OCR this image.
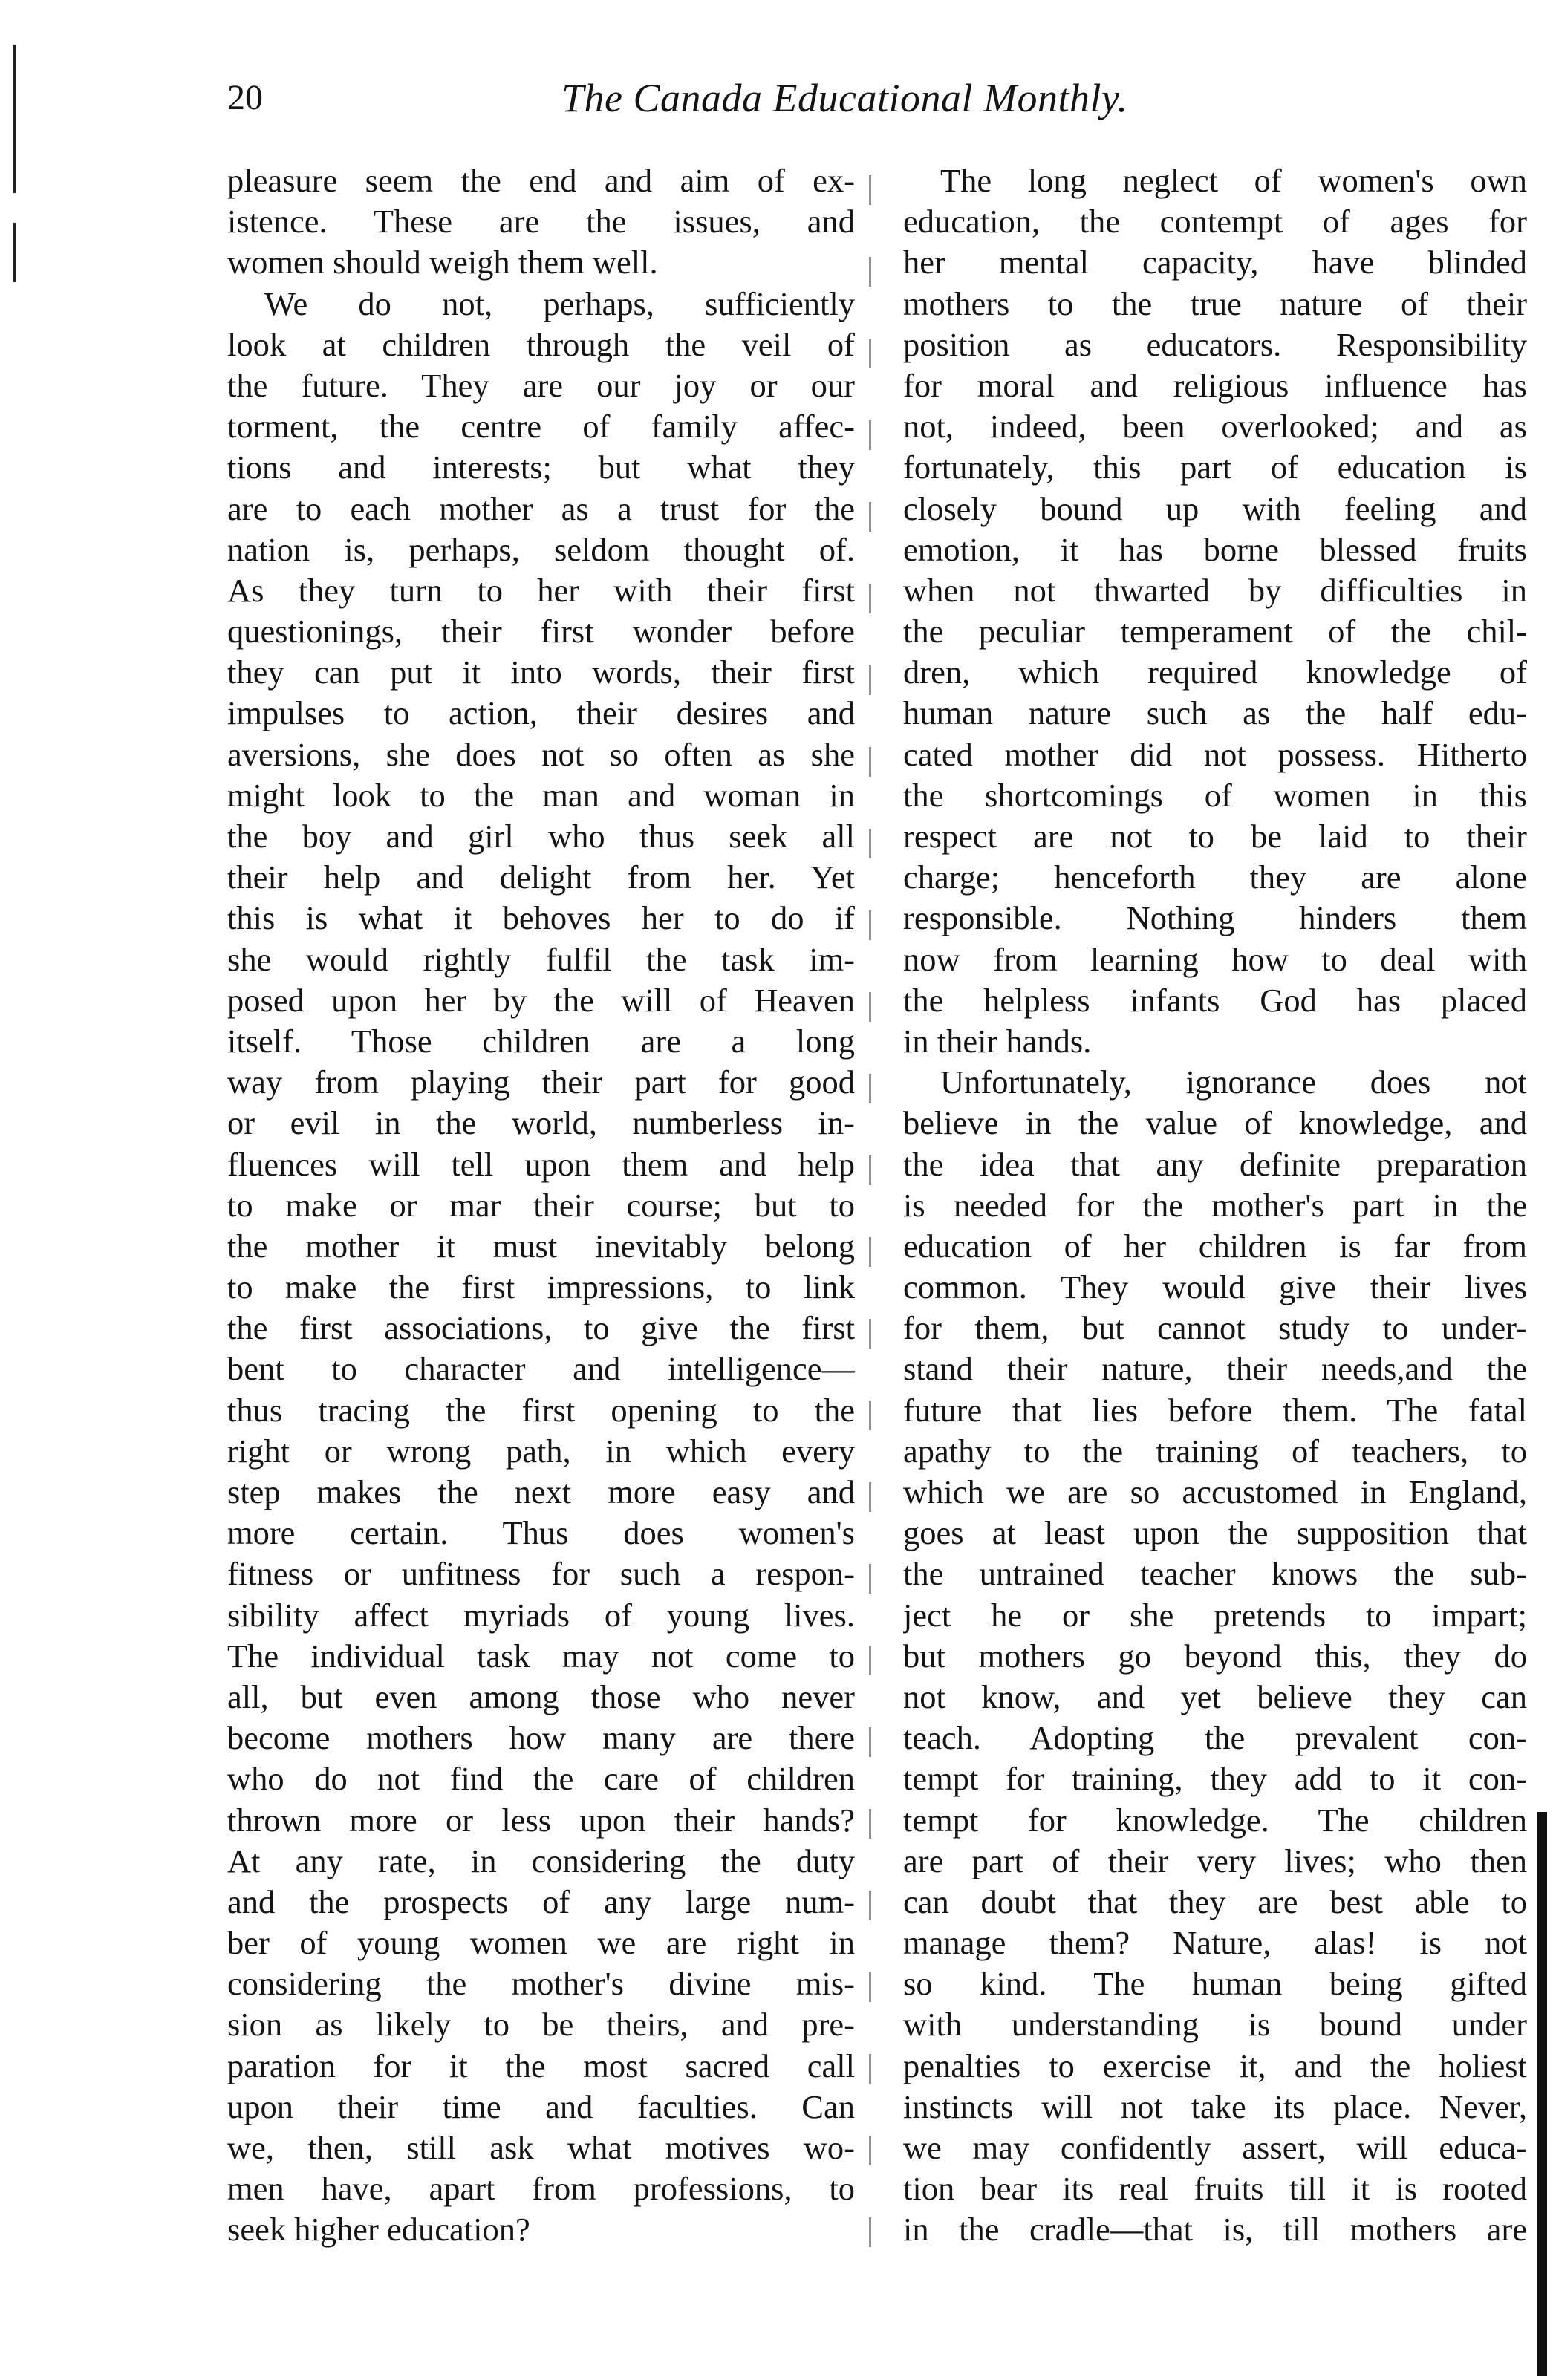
20	The Canada Educational Monthly.
pleasure seem the end and aim of ex-
istence. These are the issues, and
women should weigh them well.
We do not, perhaps, sufficiently
look at children through the veil of
the future. They are our joy or our
torment, the centre of family affec-
tions and interests; but what they
are to each mother as a trust for the
nation is, perhaps, seldom thought of.
As they turn to her with their first
questionings, their first wonder before
they can put it into words, their first
impulses to action, their desires and
aversions, she does not so often as she
might look to the man and woman in
the boy and girl who thus seek all
their help and delight from her. Yet
this is what it behoves her to do if
she would rightly fulfil the task im-
posed upon her by the will of Heaven
itself. Those children are a long
way from playing their part for good
or evil in the world, numberless in-
fluences will tell upon them and help
to make or mar their course; but to
the mother it must inevitably belong
to make the first impressions, to link
the first associations, to give the first
bent to character and intelligence—
thus tracing the first opening to the
right or wrong path, in which every
step makes the next more easy and
more certain. Thus does women's
fitness or unfitness for such a respon-
sibility affect myriads of young lives.
The individual task may not come to
all, but even among those who never
become mothers how many are there
who do not find the care of children
thrown more or less upon their hands?
At any rate, in considering the duty
and the prospects of any large num-
ber of young women we are right in
considering the mother's divine mis-
sion as likely to be theirs, and pre-
paration for it the most sacred call
upon their time and faculties. Can
we, then, still ask what motives wo-
men have, apart from professions, to
seek higher education?
The long neglect of women's own
education, the contempt of ages for
her mental capacity, have blinded
mothers to the true nature of their
position as educators. Responsibility
for moral and religious influence has
not, indeed, been overlooked; and as
fortunately, this part of education is
closely bound up with feeling and
emotion, it has borne blessed fruits
when not thwarted by difficulties in
the peculiar temperament of the chil-
dren, which required knowledge of
human nature such as the half edu-
cated mother did not possess. Hitherto
the shortcomings of women in this
respect are not to be laid to their
charge; henceforth they are alone
responsible. Nothing hinders them
now from learning how to deal with
the helpless infants God has placed
in their hands.
Unfortunately, ignorance does not
believe in the value of knowledge, and
the idea that any definite preparation
is needed for the mother's part in the
education of her children is far from
common. They would give their lives
for them, but cannot study to under-
stand their nature, their needs,and the
future that lies before them. The fatal
apathy to the training of teachers, to
which we are so accustomed in England,
goes at least upon the supposition that
the untrained teacher knows the sub-
ject he or she pretends to impart;
but mothers go beyond this, they do
not know, and yet believe they can
teach. Adopting the prevalent con-
tempt for training, they add to it con-
tempt for knowledge. The children
are part of their very lives; who then
can doubt that they are best able to
manage them? Nature, alas! is not
so kind. The human being gifted
with understanding is bound under
penalties to exercise it, and the holiest
instincts will not take its place. Never,
we may confidently assert, will educa-
tion bear its real fruits till it is rooted
in the cradle—that is, till mothers are
